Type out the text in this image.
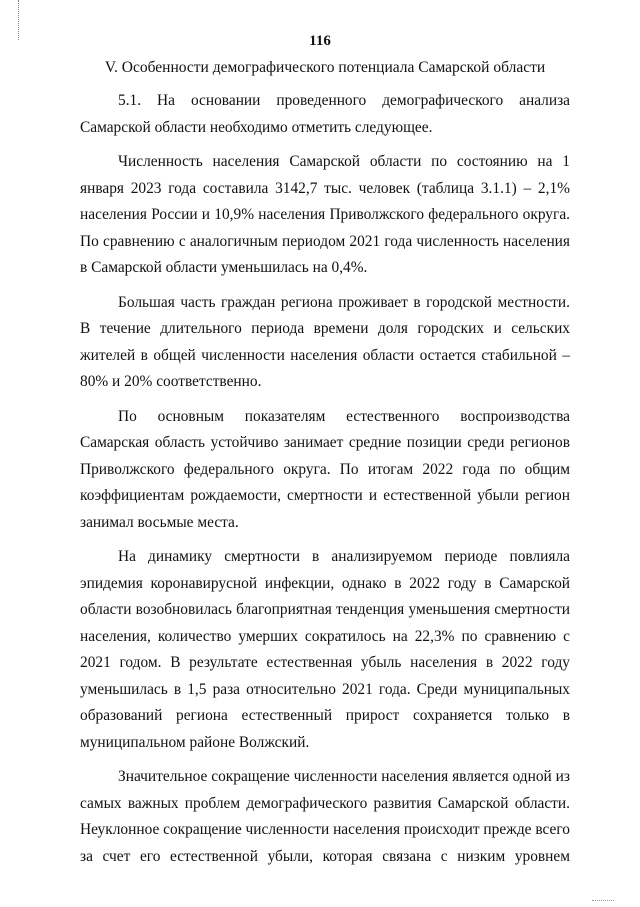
116
V. Особенности демографического потенциала Самарской области

5.1. На основании проведенного демографического анализа Самарской области необходимо отметить следующее.

Численность населения Самарской области по состоянию на 1 января 2023 года составила 3142,7 тыс. человек (таблица 3.1.1) – 2,1% населения России и 10,9% населения Приволжского федерального округа. По сравнению с аналогичным периодом 2021 года численность населения в Самарской области уменьшилась на 0,4%.

Большая часть граждан региона проживает в городской местности. В течение длительного периода времени доля городских и сельских жителей в общей численности населения области остается стабильной – 80% и 20% соответственно.

По основным показателям естественного воспроизводства Самарская область устойчиво занимает средние позиции среди регионов Приволжского федерального округа. По итогам 2022 года по общим коэффициентам рождаемости, смертности и естественной убыли регион занимал восьмые места.

На динамику смертности в анализируемом периоде повлияла эпидемия коронавирусной инфекции, однако в 2022 году в Самарской области возобновилась благоприятная тенденция уменьшения смертности населения, количество умерших сократилось на 22,3% по сравнению с 2021 годом. В результате естественная убыль населения в 2022 году уменьшилась в 1,5 раза относительно 2021 года. Среди муниципальных образований региона естественный прирост сохраняется только в муниципальном районе Волжский.

Значительное сокращение численности населения является одной из самых важных проблем демографического развития Самарской области. Неуклонное сокращение численности населения происходит прежде всего за счет его естественной убыли, которая связана с низким уровнем
